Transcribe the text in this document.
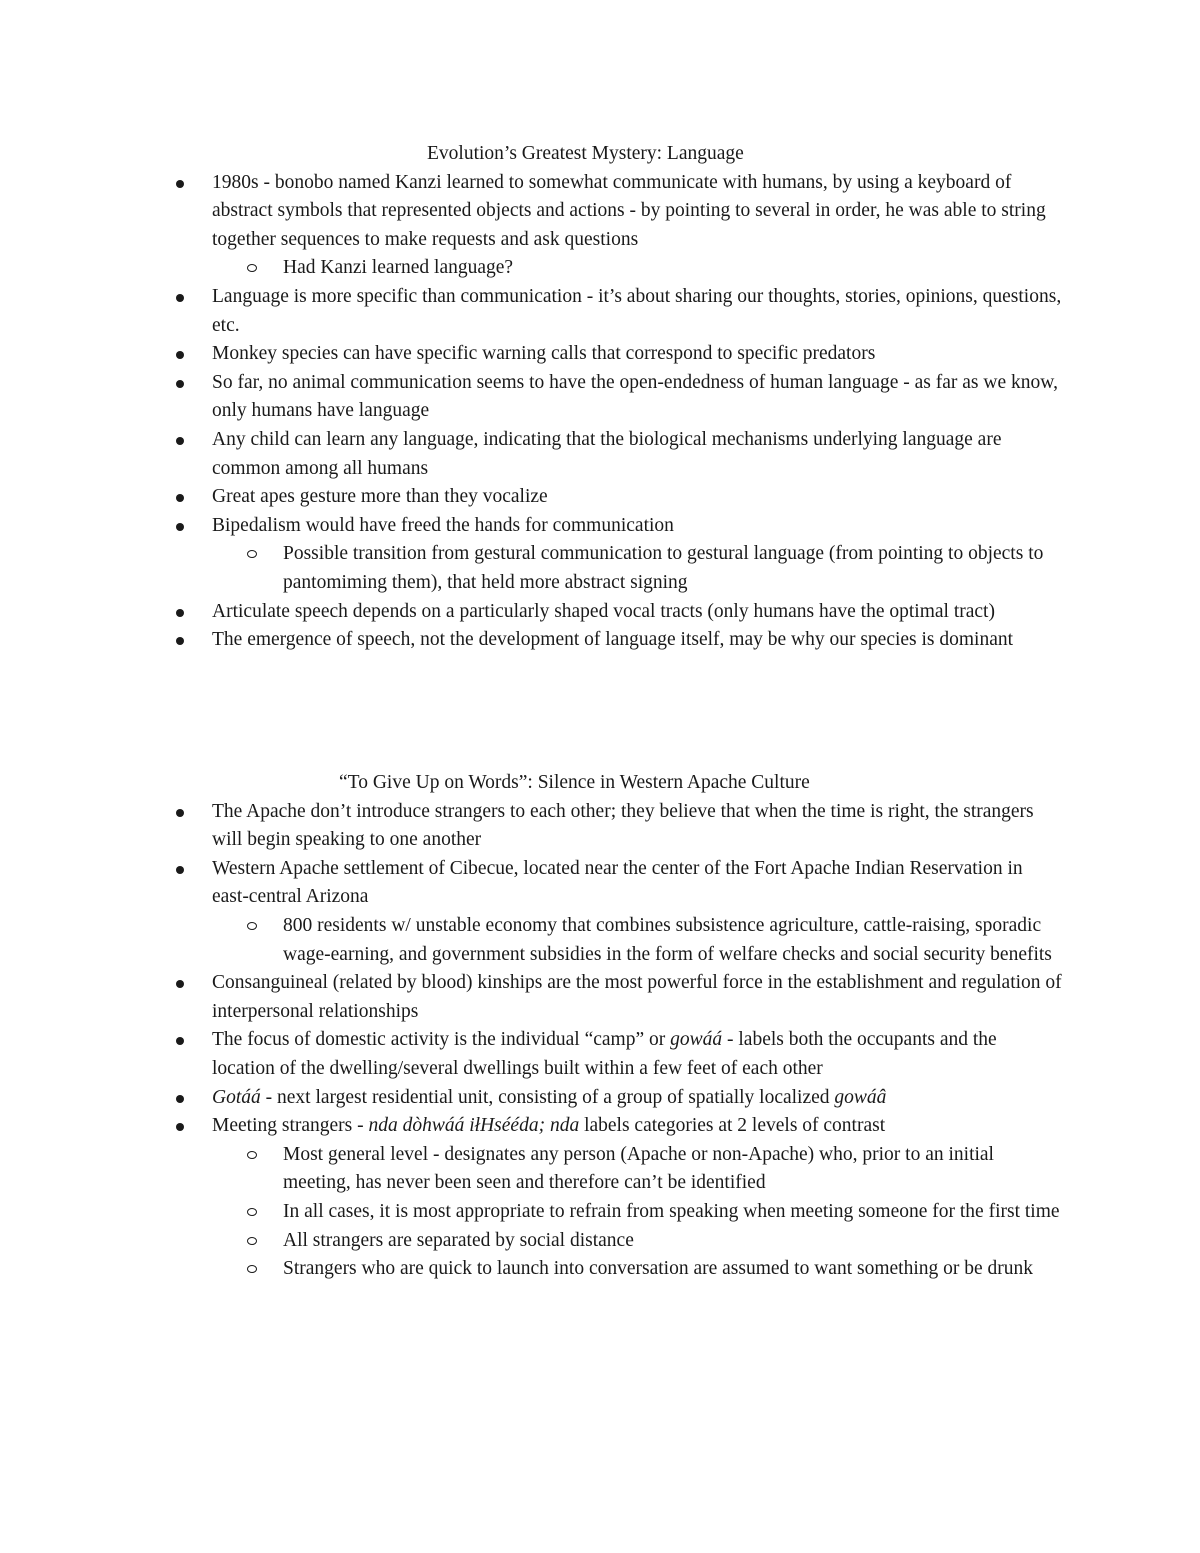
Evolution’s Greatest Mystery: Language
1980s - bonobo named Kanzi learned to somewhat communicate with humans, by using a keyboard of abstract symbols that represented objects and actions - by pointing to several in order, he was able to string together sequences to make requests and ask questions
Had Kanzi learned language?
Language is more specific than communication - it’s about sharing our thoughts, stories, opinions, questions, etc.
Monkey species can have specific warning calls that correspond to specific predators
So far, no animal communication seems to have the open-endedness of human language - as far as we know, only humans have language
Any child can learn any language, indicating that the biological mechanisms underlying language are common among all humans
Great apes gesture more than they vocalize
Bipedalism would have freed the hands for communication
Possible transition from gestural communication to gestural language (from pointing to objects to pantomiming them), that held more abstract signing
Articulate speech depends on a particularly shaped vocal tracts (only humans have the optimal tract)
The emergence of speech, not the development of language itself, may be why our species is dominant
“To Give Up on Words”: Silence in Western Apache Culture
The Apache don’t introduce strangers to each other; they believe that when the time is right, the strangers will begin speaking to one another
Western Apache settlement of Cibecue, located near the center of the Fort Apache Indian Reservation in east-central Arizona
800 residents w/ unstable economy that combines subsistence agriculture, cattle-raising, sporadic wage-earning, and government subsidies in the form of welfare checks and social security benefits
Consanguineal (related by blood) kinships are the most powerful force in the establishment and regulation of interpersonal relationships
The focus of domestic activity is the individual “camp” or gowáá - labels both the occupants and the location of the dwelling/several dwellings built within a few feet of each other
Gotáá - next largest residential unit, consisting of a group of spatially localized gowáâ
Meeting strangers - nda dòhwáá iłHsééda; nda labels categories at 2 levels of contrast
Most general level - designates any person (Apache or non-Apache) who, prior to an initial meeting, has never been seen and therefore can’t be identified
In all cases, it is most appropriate to refrain from speaking when meeting someone for the first time
All strangers are separated by social distance
Strangers who are quick to launch into conversation are assumed to want something or be drunk
